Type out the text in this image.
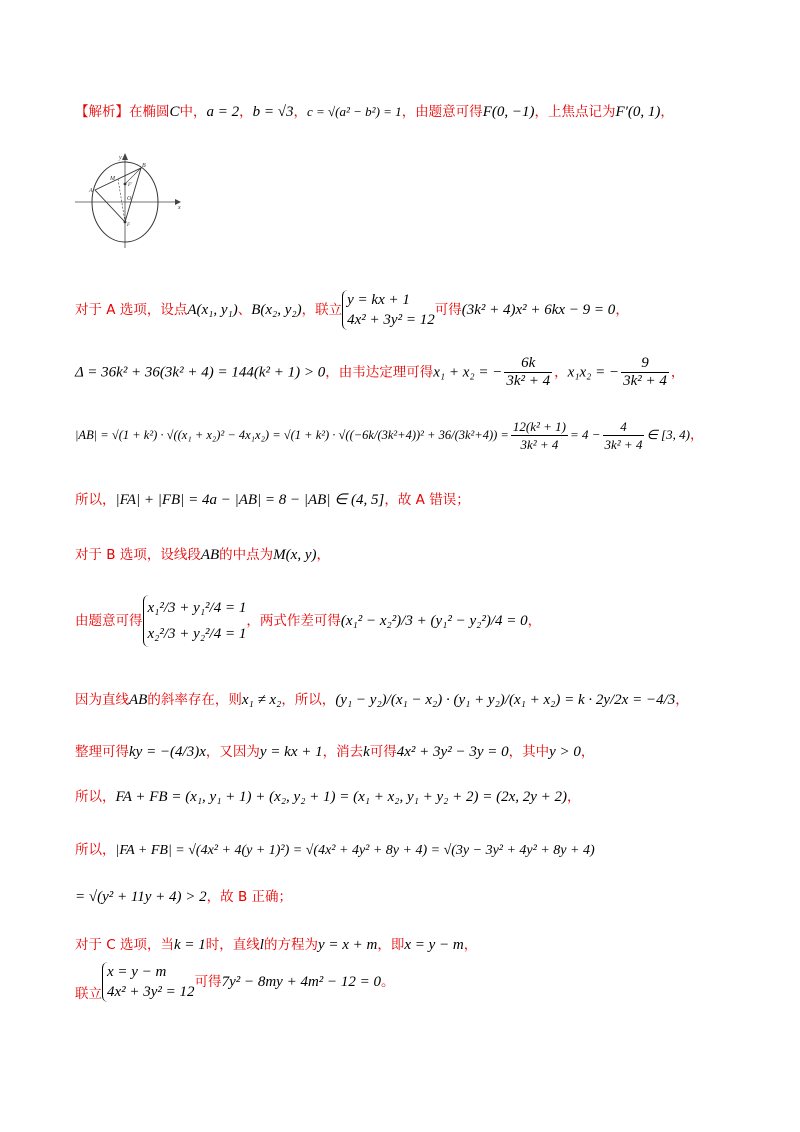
【解析】在椭圆C中，a = 2，b = √3，c = √(a² − b²) = 1，由题意可得F(0, −1)，上焦点记为F′(0, 1)，
y
B
M
F′
O
A
F
x
对于 A 选项，设点A(x₁, y₁)、B(x₂, y₂)，联立
y = kx + 1
4x² + 3y² = 12
可得(3k² + 4)x² + 6kx − 9 = 0，
Δ = 36k² + 36(3k² + 4) = 144(k² + 1) > 0，由韦达定理可得x₁ + x₂ = − $\frac{6k}{\text{3k² + 4}}$ ，x₁x₂ = − $\frac{9}{\text{3k² + 4}}$ ，
$|AB| = √(1 + k^2) \cdot √((x_1 + x_2)^2 - 4x_1x_2) = √(1 + k^2) \cdot √((-6k/(3k^2+4))^2 + 36/(3k^2+4)) = \frac{\text{12(k² + 1)}}{\text{3k² + 4}} = 4 - \frac{4}{\text{3k² + 4}}$ ∈ [3, 4)，
所以，|FA| + |FB| = 4a − |AB| = 8 − |AB| ∈ (4, 5]，故 A 错误；
对于 B 选项，设线段AB的中点为M(x, y)，
由题意可得
x₁²/3 + y₁²/4 = 1
x₂²/3 + y₂²/4 = 1
，两式作差可得(x₁² − x₂²)/3 + (y₁² − y₂²)/4 = 0，
因为直线AB的斜率存在，则x₁ ≠ x₂，所以，(y₁ − y₂)/(x₁ − x₂) · (y₁ + y₂)/(x₁ + x₂) = k · 2y/2x = −4/3，
整理可得ky = −(4/3)x，又因为y = kx + 1，消去k可得4x² + 3y² − 3y = 0，其中y > 0，
所以，FA + FB = (x₁, y₁ + 1) + (x₂, y₂ + 1) = (x₁ + x₂, y₁ + y₂ + 2) = (2x, 2y + 2)，
所以，|FA + FB| = √(4x² + 4(y + 1)²) = √(4x² + 4y² + 8y + 4) = √(3y − 3y² + 4y² + 8y + 4)
= √(y² + 11y + 4) > 2，故 B 正确；
对于 C 选项，当k = 1时，直线l的方程为y = x + m，即x = y − m，
联立
x = y − m
4x² + 3y² = 12
可得7y² − 8my + 4m² − 12 = 0。
